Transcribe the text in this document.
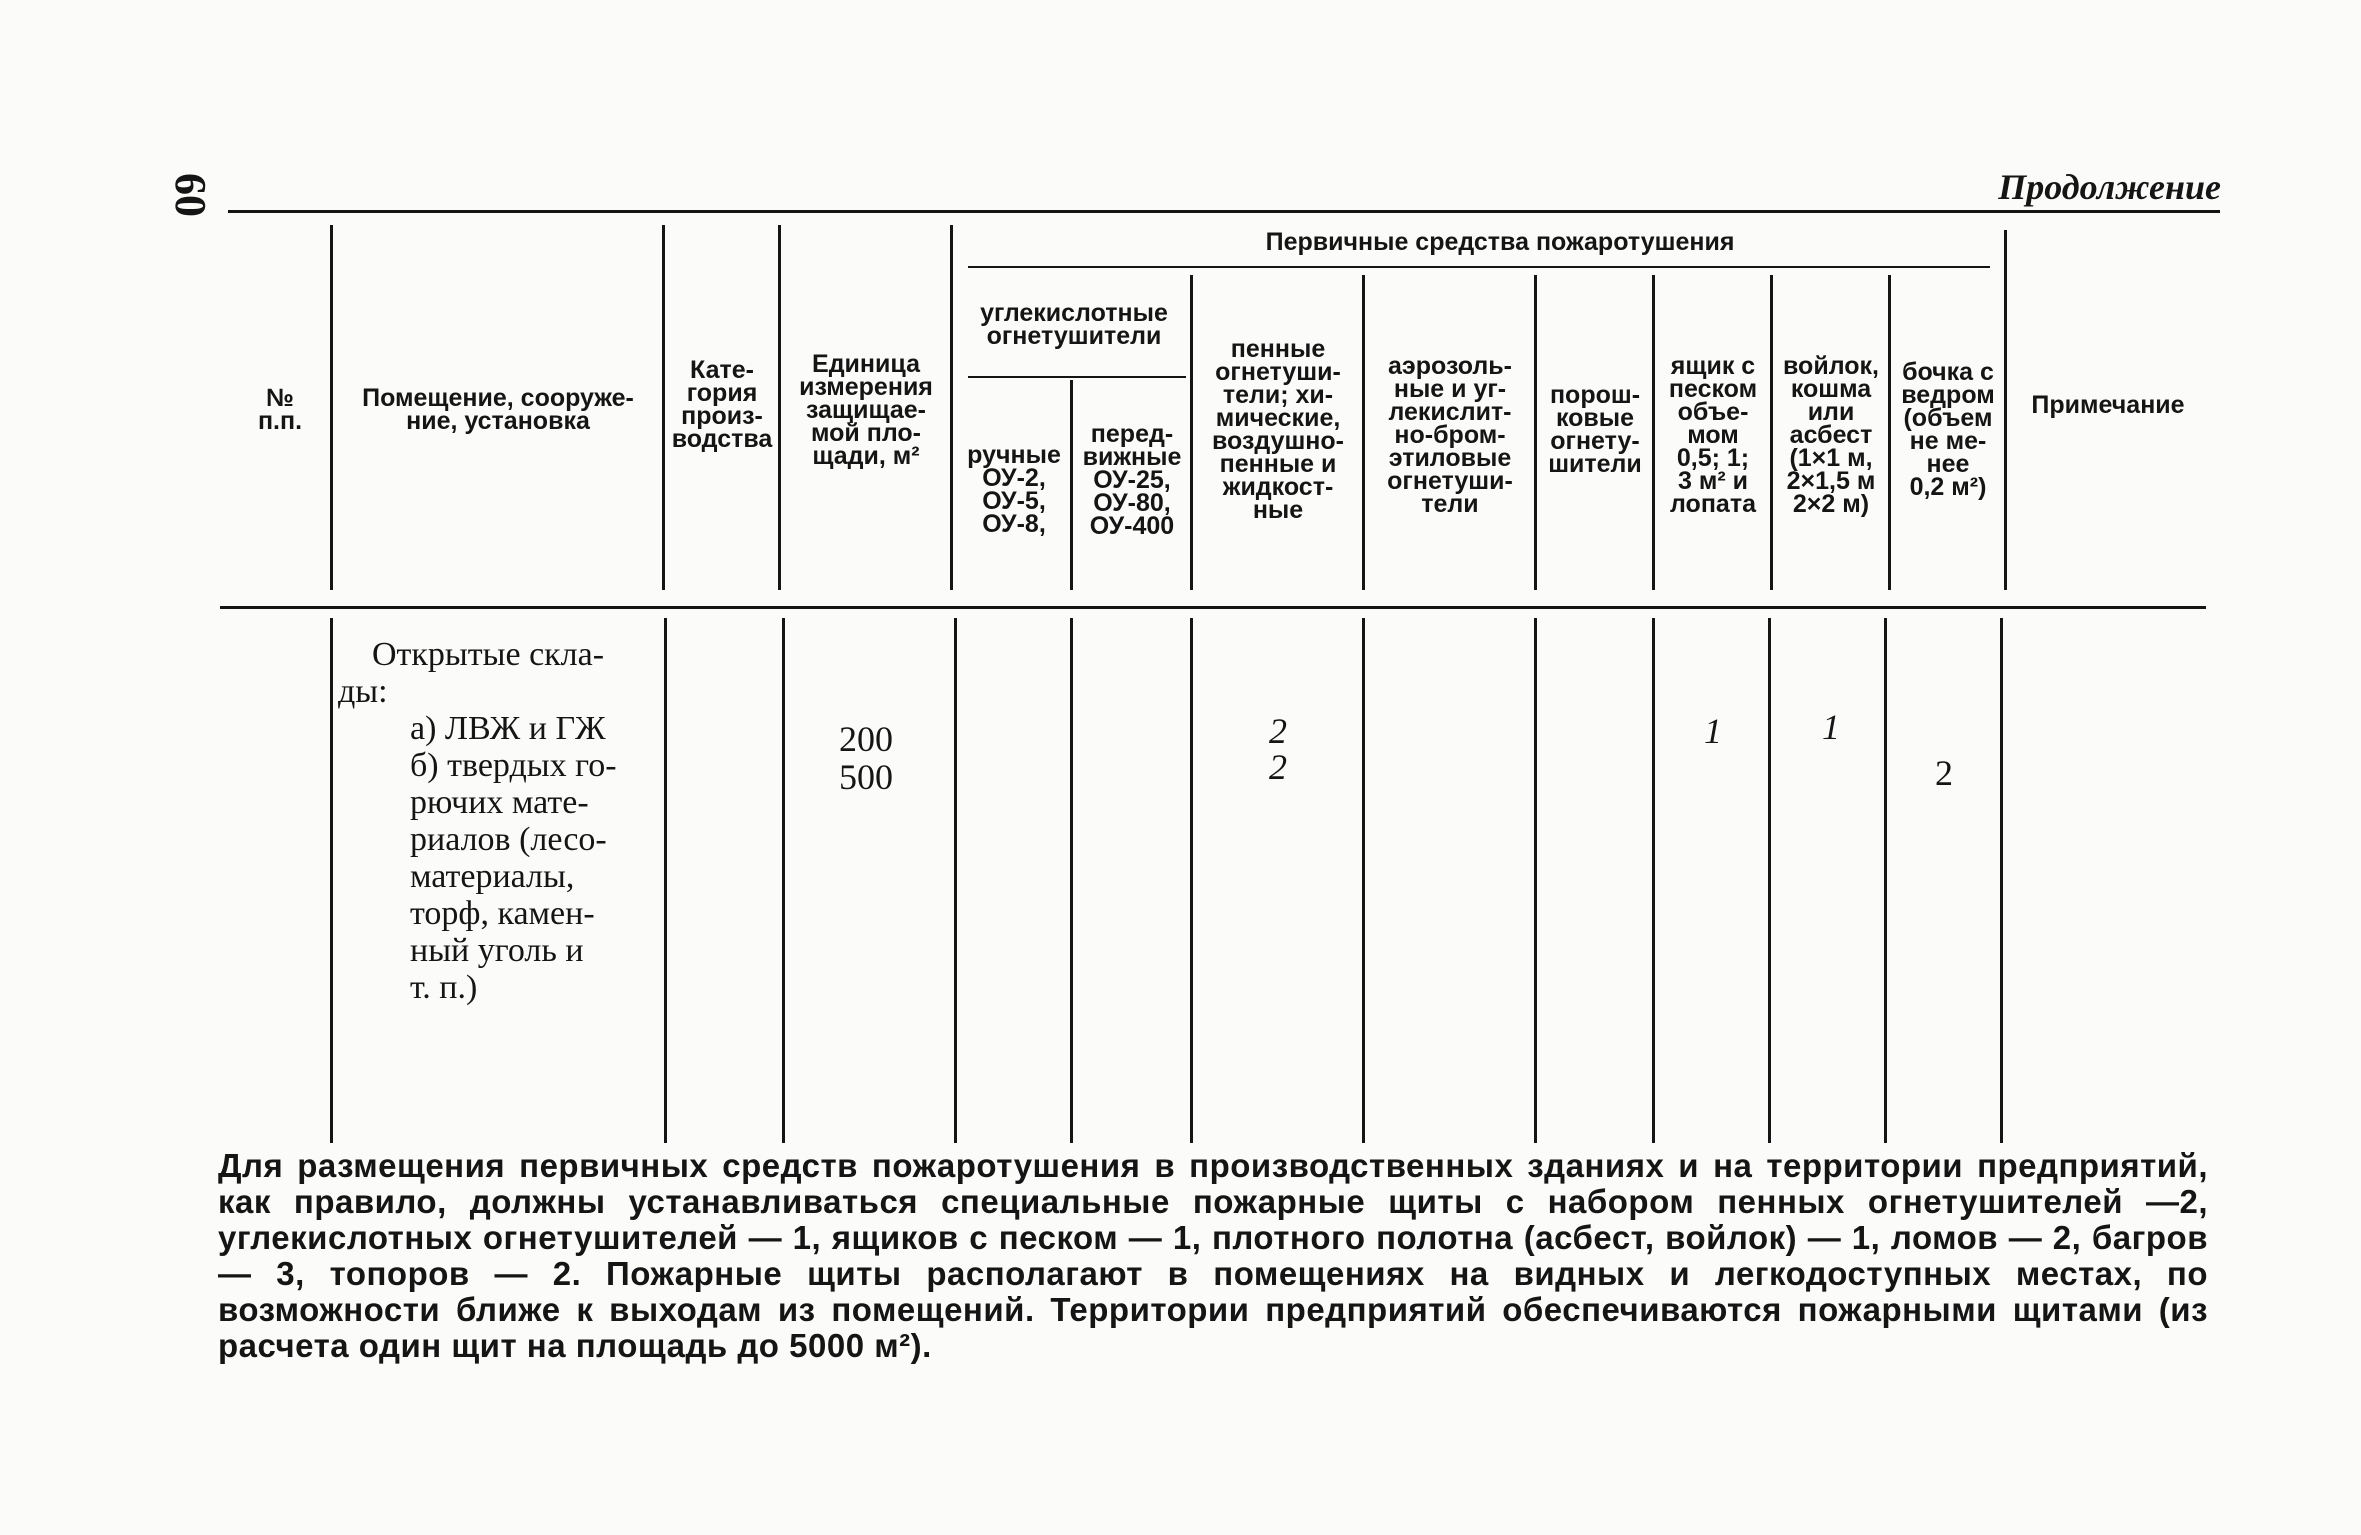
60	Продолжение
№
п.п.
Помещение, сооруже-
ние, установка
Кате-
гория
произ-
водства
Единица
измерения
защищае-
мой пло-
щади, м²
Первичные средства пожаротушения
углекислотные
огнетушители
ручные
ОУ-2,
ОУ-5,
ОУ-8,
перед-
вижные
ОУ-25,
ОУ-80,
ОУ-400
пенные
огнетуши-
тели; хи-
мические,
воздушно-
пенные и
жидкост-
ные
аэрозоль-
ные и уг-
лекислит-
но-бром-
этиловые
огнетуши-
тели
порош-
ковые
огнету-
шители
ящик с
песком
объе-
мом
0,5; 1;
3 м² и
лопата
войлок,
кошма
или
асбест
(1×1 м,
2×1,5 м
2×2 м)
бочка с
ведром
(объем
не ме-
нее
0,2 м²)
Примечание
Открытые скла-
ды:
а) ЛВЖ и ГЖ
б) твердых го-
рючих мате-
риалов (лесо-
материалы,
торф, камен-
ный уголь и
т. п.)
200
500
2
2
1	1
2
Для размещения первичных средств пожаротушения в производственных зданиях и на территории предприятий, как правило, должны устанавливаться специальные пожарные щиты с набором пенных огнетушителей —2, углекислотных огнетушителей — 1, ящиков с песком — 1, плотного полотна (асбест, войлок) — 1, ломов — 2, багров — 3, топоров — 2. Пожарные щиты располагают в помещениях на видных и легкодоступных местах, по возможности ближе к выходам из помещений. Территории предприятий обеспечиваются пожарными щитами (из расчета один щит на площадь до 5000 м²).
